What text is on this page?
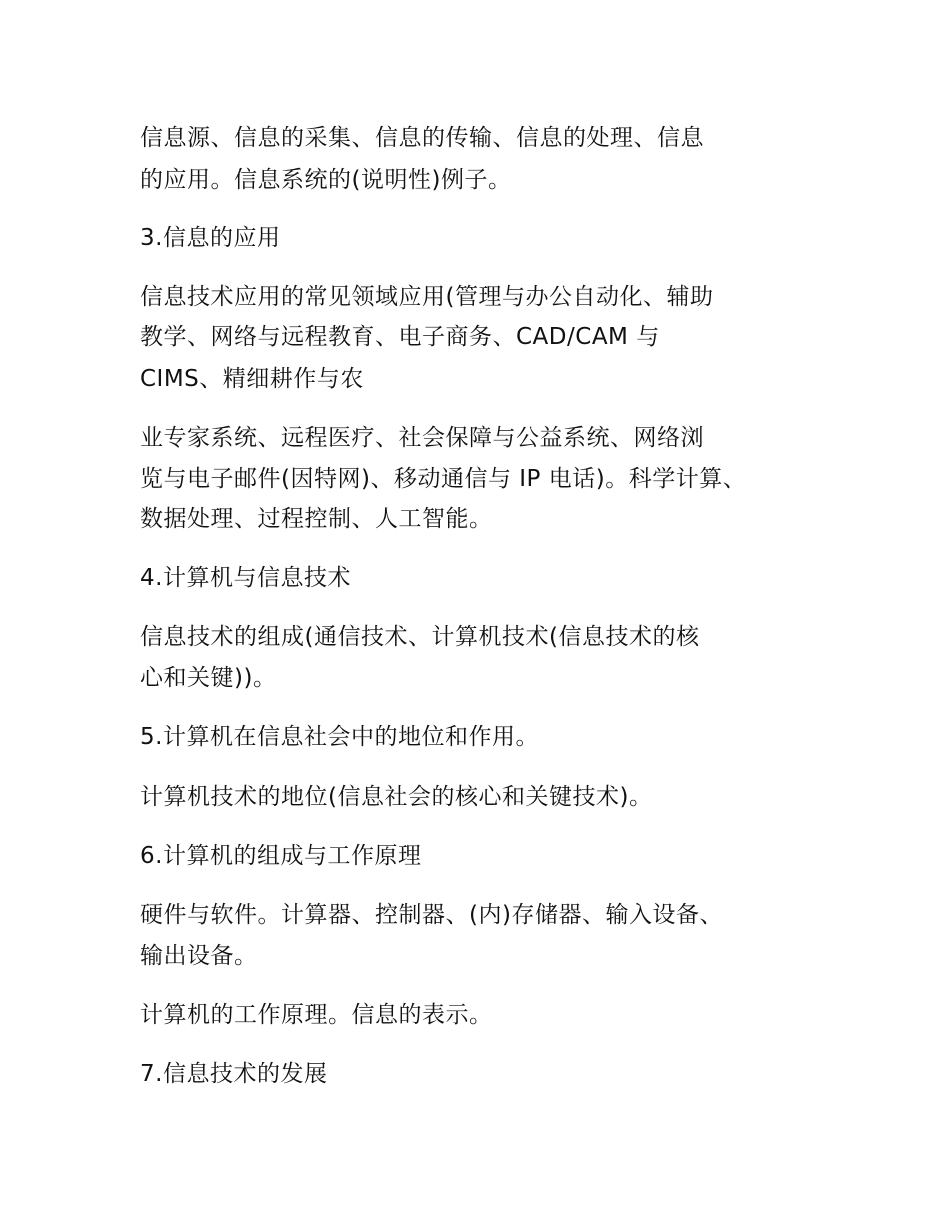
信息源、信息的采集、信息的传输、信息的处理、信息
的应用。信息系统的(说明性)例子。
3.信息的应用
信息技术应用的常见领域应用(管理与办公自动化、辅助
教学、网络与远程教育、电子商务、CAD/CAM 与
CIMS、精细耕作与农
业专家系统、远程医疗、社会保障与公益系统、网络浏
览与电子邮件(因特网)、移动通信与 IP 电话)。科学计算、
数据处理、过程控制、人工智能。
4.计算机与信息技术
信息技术的组成(通信技术、计算机技术(信息技术的核
心和关键))。
5.计算机在信息社会中的地位和作用。
计算机技术的地位(信息社会的核心和关键技术)。
6.计算机的组成与工作原理
硬件与软件。计算器、控制器、(内)存储器、输入设备、
输出设备。
计算机的工作原理。信息的表示。
7.信息技术的发展
